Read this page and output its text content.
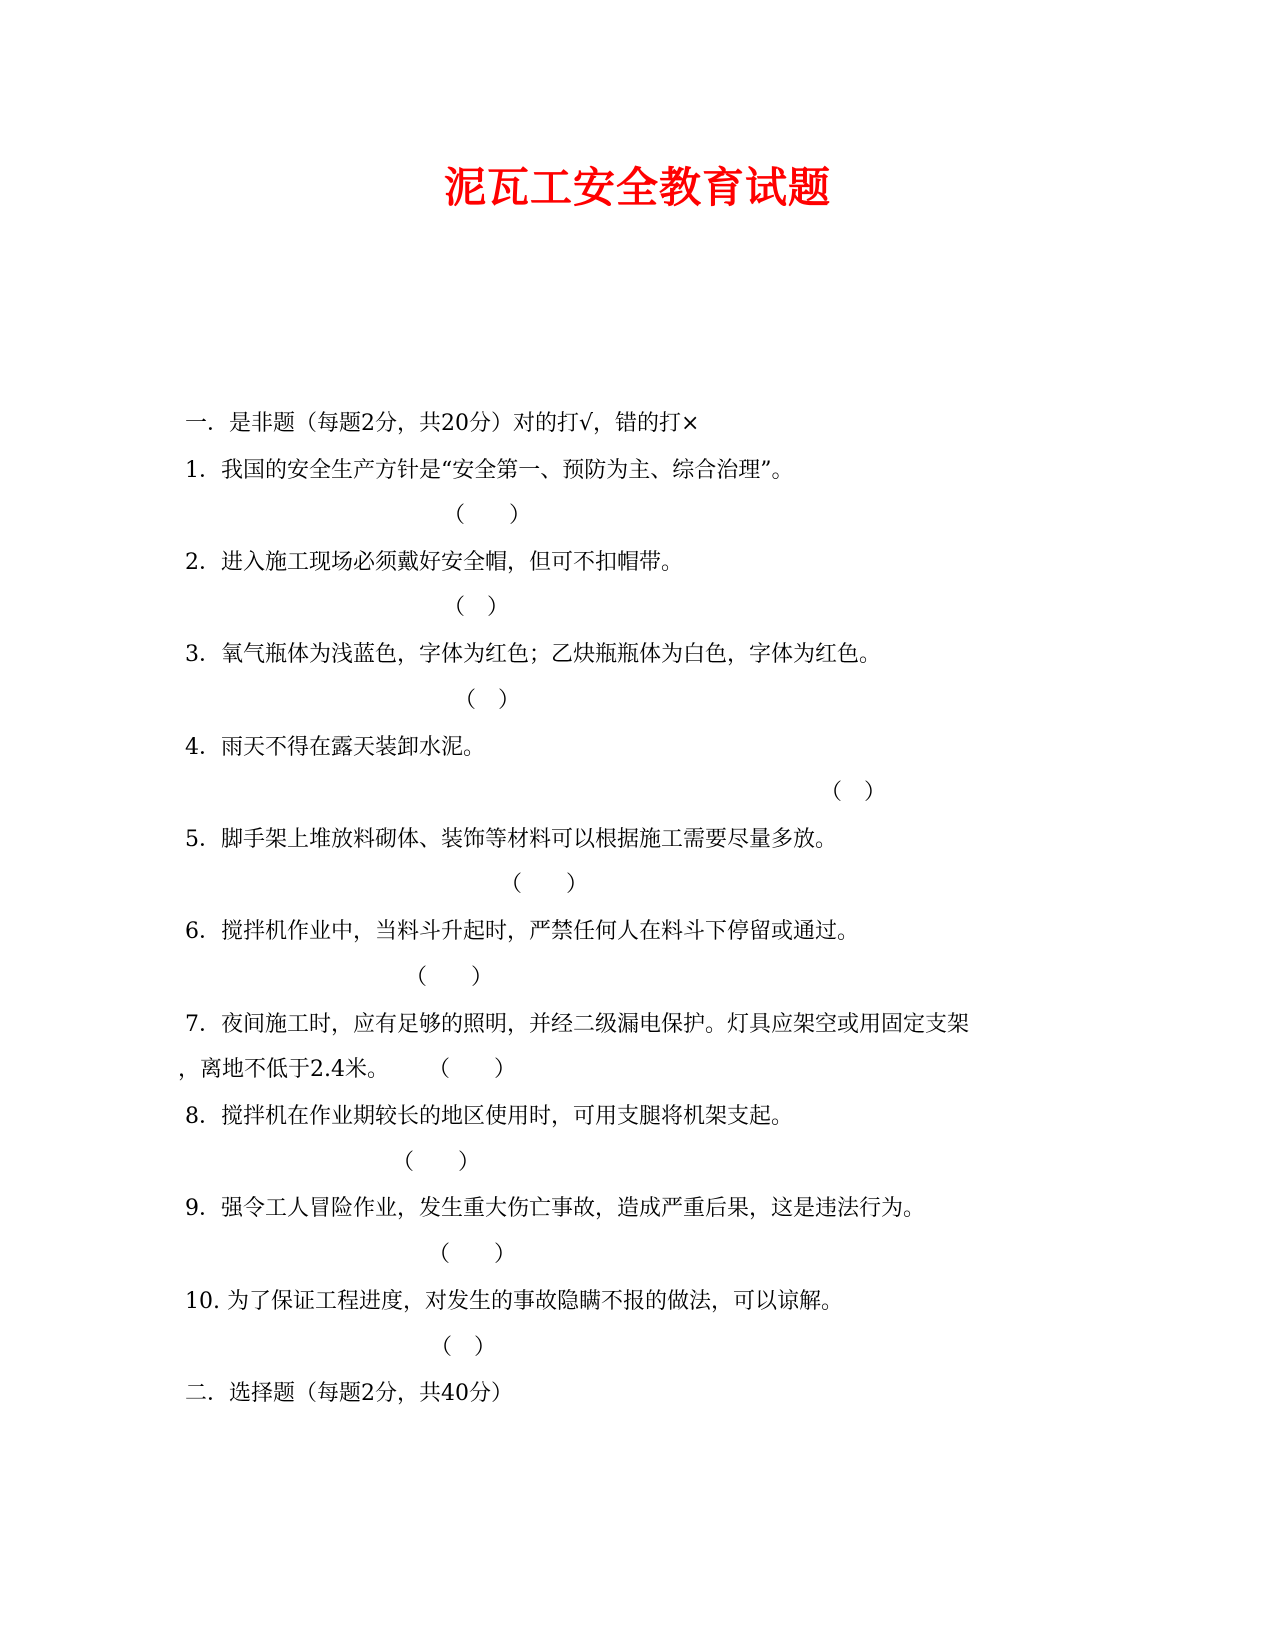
泥瓦工安全教育试题
一．是非题（每题2分，共20分）对的打√，错的打×
1．我国的安全生产方针是“安全第一、预防为主、综合治理”。
（　　）
2．进入施工现场必须戴好安全帽，但可不扣帽带。
（　）
3．氧气瓶体为浅蓝色，字体为红色；乙炔瓶瓶体为白色，字体为红色。
（　）
4．雨天不得在露天装卸水泥。
（　）
5．脚手架上堆放料砌体、装饰等材料可以根据施工需要尽量多放。
（　　）
6．搅拌机作业中，当料斗升起时，严禁任何人在料斗下停留或通过。
（　　）
7．夜间施工时，应有足够的照明，并经二级漏电保护。灯具应架空或用固定支架
，离地不低于2.4米。 （　　）
8．搅拌机在作业期较长的地区使用时，可用支腿将机架支起。
（　　）
9．强令工人冒险作业，发生重大伤亡事故，造成严重后果，这是违法行为。
（　　）
10. 为了保证工程进度，对发生的事故隐瞒不报的做法，可以谅解。
（　）
二．选择题（每题2分，共40分）
